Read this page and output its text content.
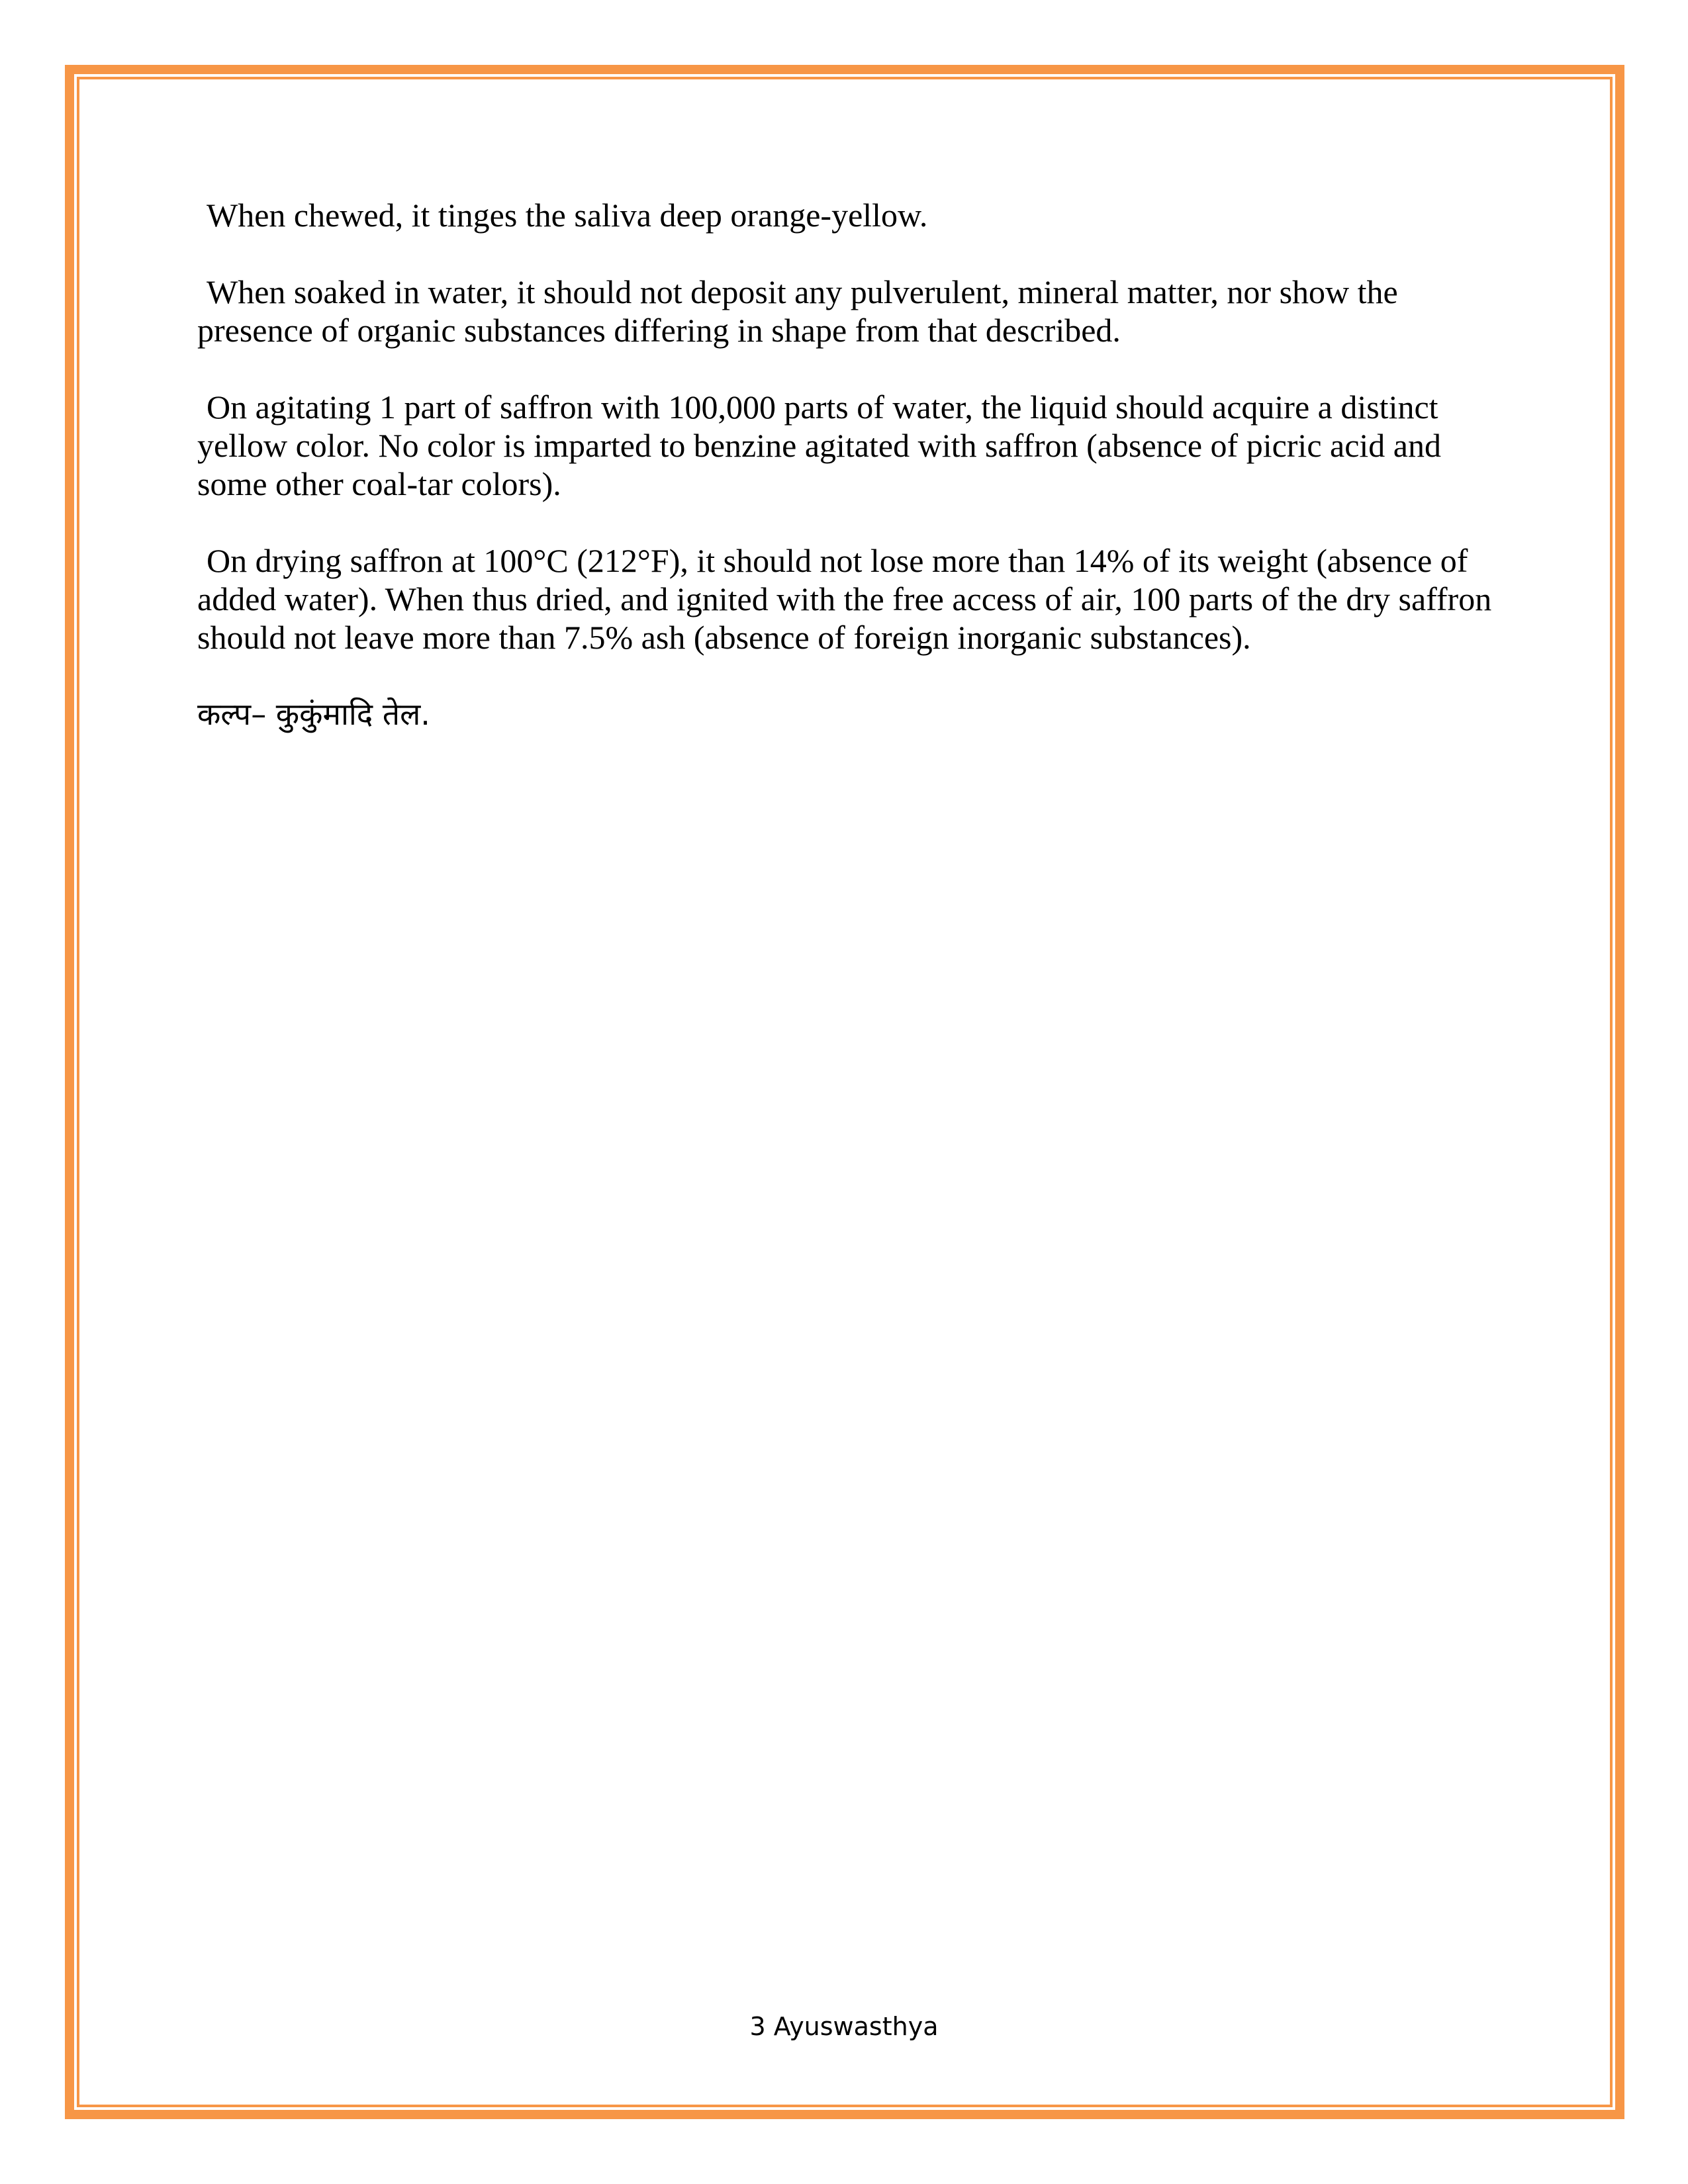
When chewed, it tinges the saliva deep orange-yellow.

When soaked in water, it should not deposit any pulverulent, mineral matter, nor show the presence of organic substances differing in shape from that described.

On agitating 1 part of saffron with 100,000 parts of water, the liquid should acquire a distinct yellow color. No color is imparted to benzine agitated with saffron (absence of picric acid and some other coal-tar colors).

On drying saffron at 100°C (212°F), it should not lose more than 14% of its weight (absence of added water). When thus dried, and ignited with the free access of air, 100 parts of the dry saffron should not leave more than 7.5% ash (absence of foreign inorganic substances).

कल्प– कुकुंमादि तेल.

3 Ayuswasthya
